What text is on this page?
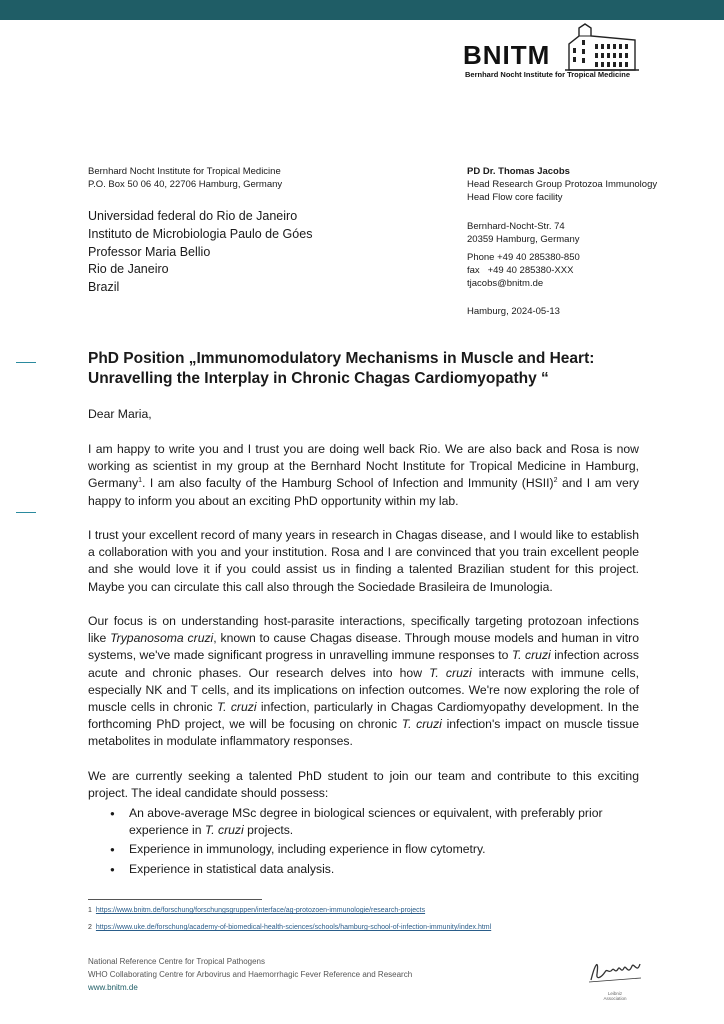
BNITM
Bernhard Nocht Institute for Tropical Medicine
Bernhard Nocht Institute for Tropical Medicine
P.O. Box 50 06 40, 22706 Hamburg, Germany
Universidad federal do Rio de Janeiro
Instituto de Microbiologia Paulo de Góes
Professor Maria Bellio
Rio de Janeiro
Brazil
PD Dr. Thomas Jacobs
Head Research Group Protozoa Immunology
Head Flow core facility
Bernhard-Nocht-Str. 74
20359 Hamburg, Germany
Phone +49 40 285380-850
fax   +49 40 285380-XXX
tjacobs@bnitm.de
Hamburg, 2024-05-13
PhD Position „Immunomodulatory Mechanisms in Muscle and Heart: Unravelling the Interplay in Chronic Chagas Cardiomyopathy “
Dear Maria,
I am happy to write you and I trust you are doing well back Rio. We are also back and Rosa is now working as scientist in my group at the Bernhard Nocht Institute for Tropical Medicine in Hamburg, Germany$^1$. I am also faculty of the Hamburg School of Infection and Immunity (HSII)$^2$ and I am very happy to inform you about an exciting PhD opportunity within my lab.
I trust your excellent record of many years in research in Chagas disease, and I would like to establish a collaboration with you and your institution. Rosa and I are convinced that you train excellent people and she would love it if you could assist us in finding a talented Brazilian student for this project. Maybe you can circulate this call also through the Sociedade Brasileira de Imunologia.
Our focus is on understanding host-parasite interactions, specifically targeting protozoan infections like Trypanosoma cruzi, known to cause Chagas disease. Through mouse models and human in vitro systems, we've made significant progress in unravelling immune responses to T. cruzi infection across acute and chronic phases. Our research delves into how T. cruzi interacts with immune cells, especially NK and T cells, and its implications on infection outcomes. We're now exploring the role of muscle cells in chronic T. cruzi infection, particularly in Chagas Cardiomyopathy development. In the forthcoming PhD project, we will be focusing on chronic T. cruzi infection's impact on muscle tissue metabolites in modulate inflammatory responses.
We are currently seeking a talented PhD student to join our team and contribute to this exciting project. The ideal candidate should possess:
● An above-average MSc degree in biological sciences or equivalent, with preferably prior experience in T. cruzi projects.
● Experience in immunology, including experience in flow cytometry.
● Experience in statistical data analysis.
1 https://www.bnitm.de/forschung/forschungsgruppen/interface/ag-protozoen-immunologie/research-projects
2 https://www.uke.de/forschung/academy-of-biomedical-health-sciences/schools/hamburg-school-of-infection-immunity/index.html
National Reference Centre for Tropical Pathogens
WHO Collaborating Centre for Arbovirus and Haemorrhagic Fever Reference and Research
www.bnitm.de
Leibniz
Association
